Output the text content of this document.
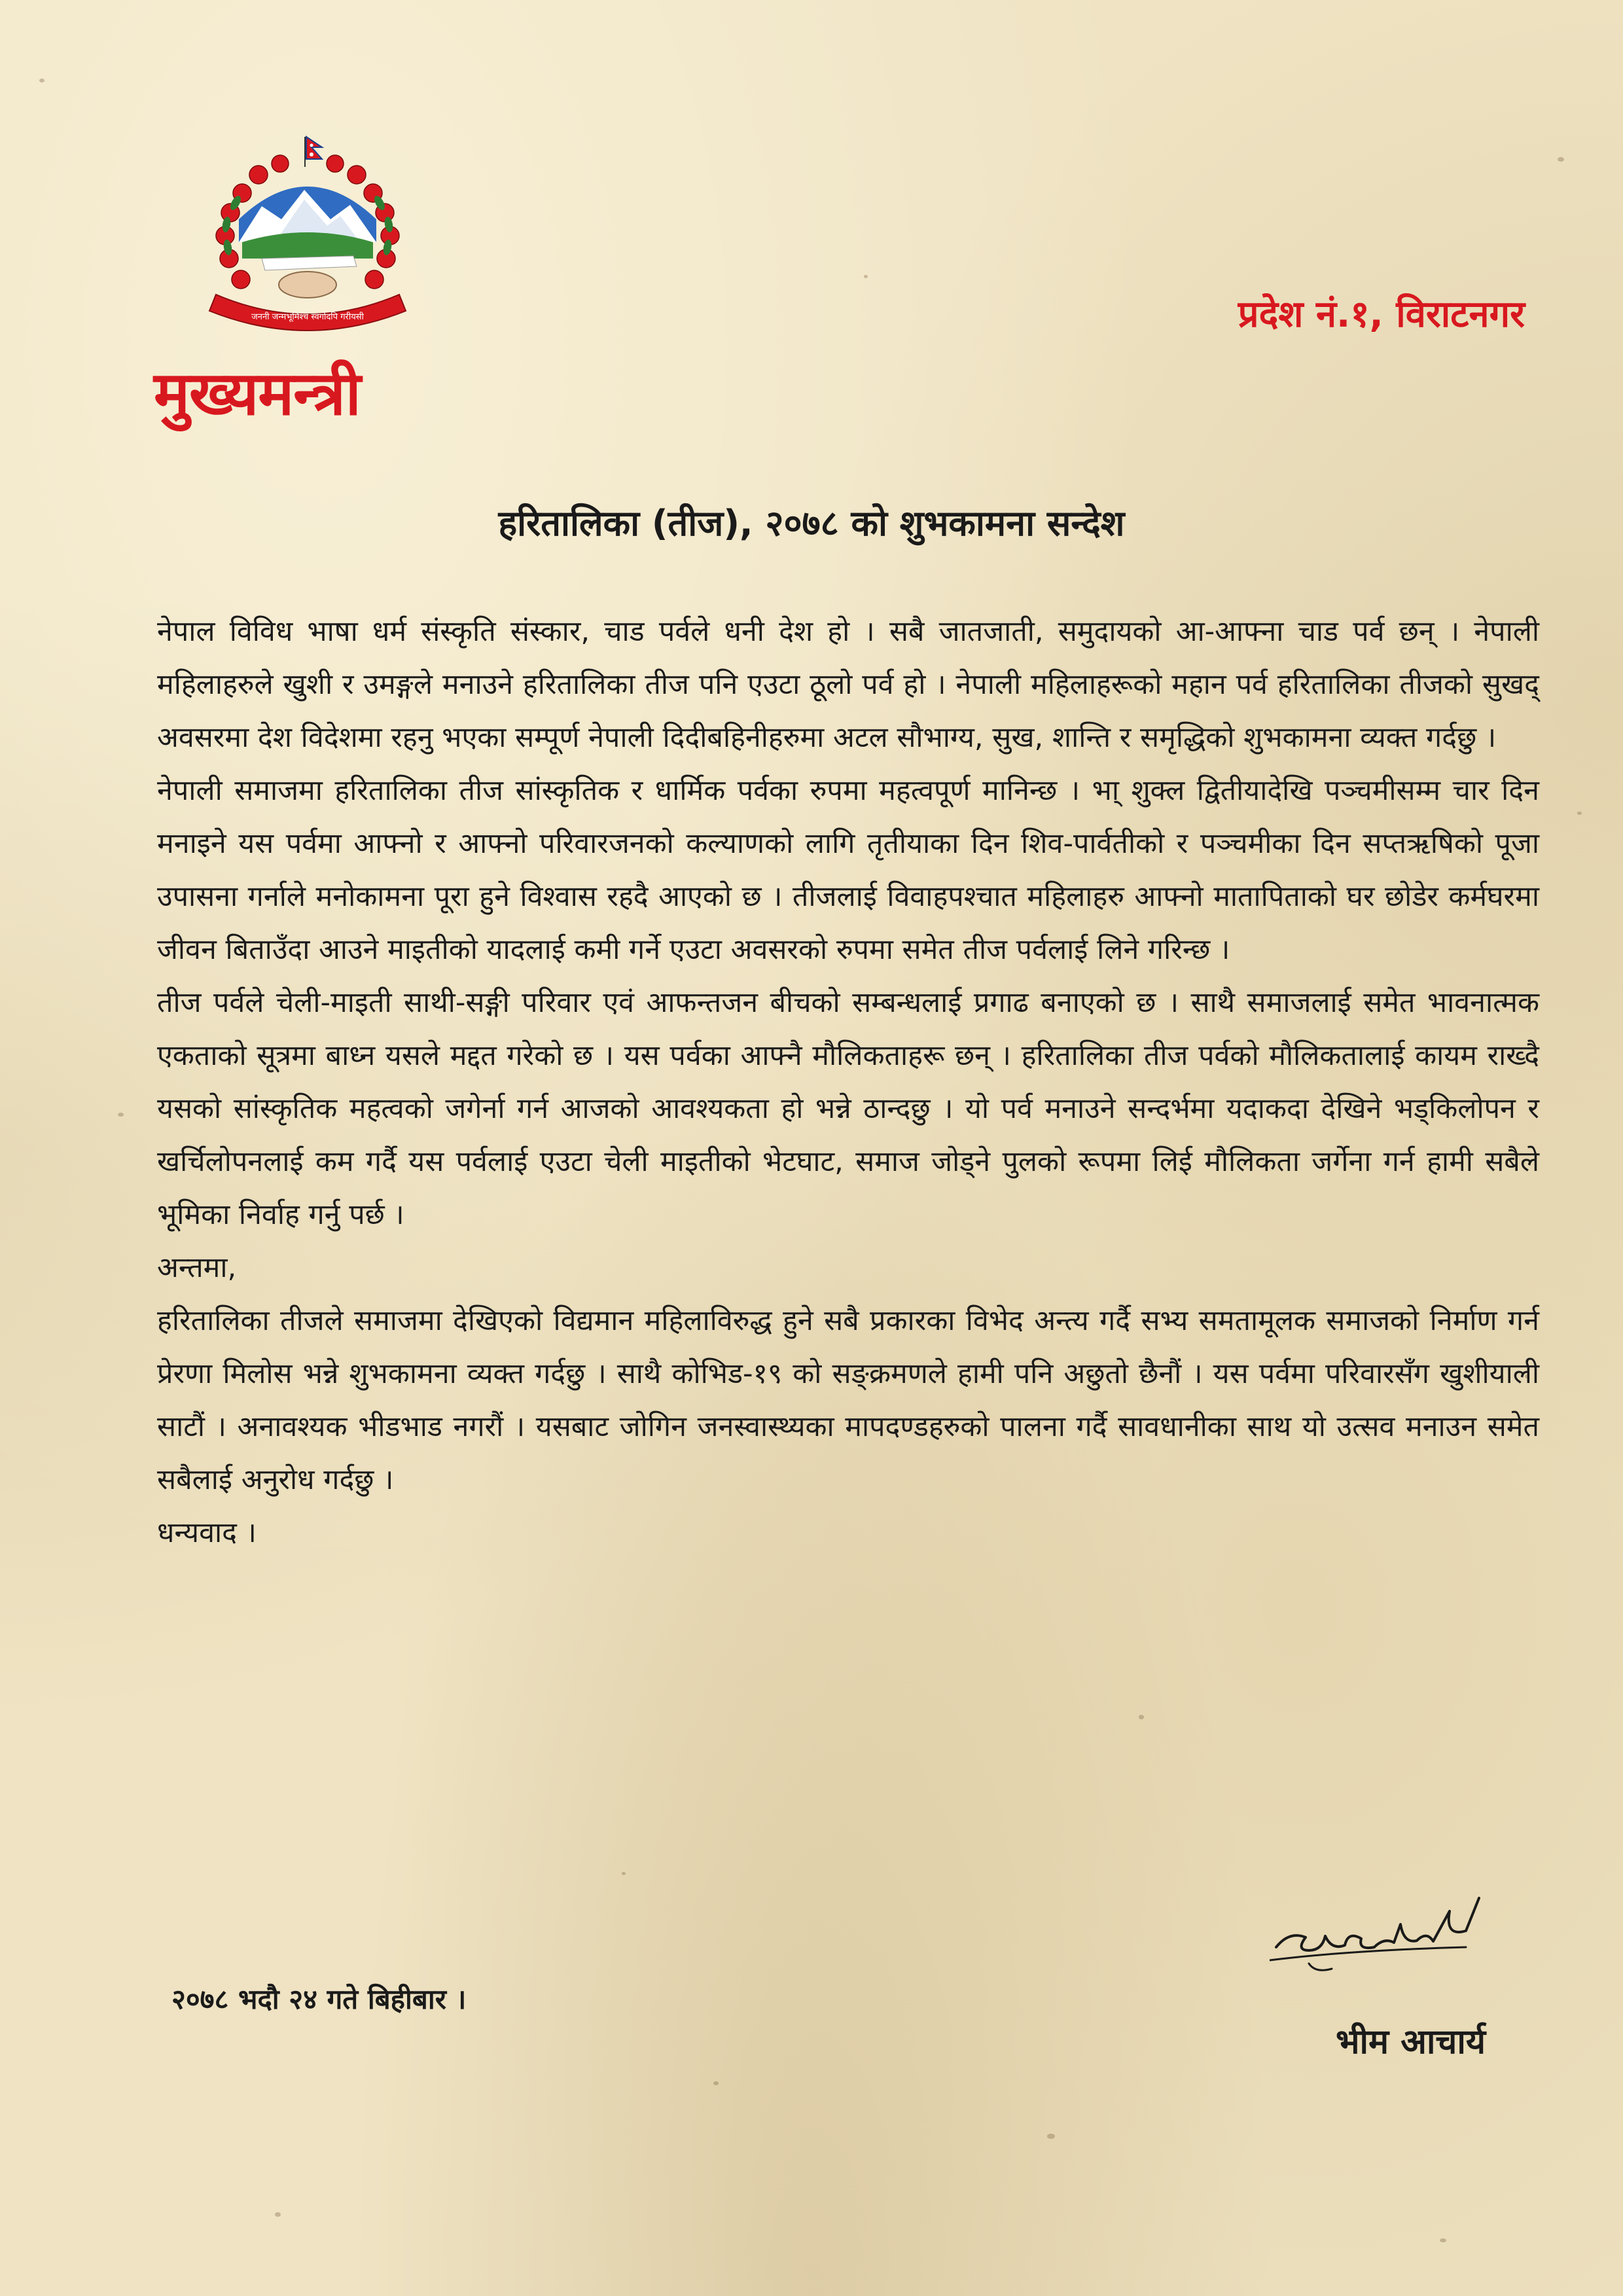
जननी जन्मभूमिश्च स्वर्गादपि गरीयसी
मुख्यमन्त्री
प्रदेश नं.१, विराटनगर
हरितालिका (तीज), २०७८ को शुभकामना सन्देश

नेपाल विविध भाषा धर्म संस्कृति संस्कार, चाड पर्वले धनी देश हो । सबै जातजाती, समुदायको आ-आफ्ना चाड पर्व छन् । नेपाली महिलाहरुले खुशी र उमङ्गले मनाउने हरितालिका तीज पनि एउटा ठूलो पर्व हो । नेपाली महिलाहरूको महान पर्व हरितालिका तीजको सुखद् अवसरमा देश विदेशमा रहनु भएका सम्पूर्ण नेपाली दिदीबहिनीहरुमा अटल सौभाग्य, सुख, शान्ति र समृद्धिको शुभकामना व्यक्त गर्दछु ।

नेपाली समाजमा हरितालिका तीज सांस्कृतिक र धार्मिक पर्वका रुपमा महत्वपूर्ण मानिन्छ । भा् शुक्ल द्वितीयादेखि पञ्चमीसम्म चार दिन मनाइने यस पर्वमा आफ्नो र आफ्नो परिवारजनको कल्याणको लागि तृतीयाका दिन शिव-पार्वतीको र पञ्चमीका दिन सप्तऋषिको पूजा उपासना गर्नाले मनोकामना पूरा हुने विश्वास रहदै आएको छ । तीजलाई विवाहपश्चात महिलाहरु आफ्नो मातापिताको घर छोडेर कर्मघरमा जीवन बिताउँदा आउने माइतीको यादलाई कमी गर्ने एउटा अवसरको रुपमा समेत तीज पर्वलाई लिने गरिन्छ ।

तीज पर्वले चेली-माइती साथी-सङ्गी परिवार एवं आफन्तजन बीचको सम्बन्धलाई प्रगाढ बनाएको छ । साथै समाजलाई समेत भावनात्मक एकताको सूत्रमा बाध्न यसले मद्दत गरेको छ । यस पर्वका आफ्नै मौलिकताहरू छन् । हरितालिका तीज पर्वको मौलिकतालाई कायम राख्दै यसको सांस्कृतिक महत्वको जगेर्ना गर्न आजको आवश्यकता हो भन्ने ठान्दछु । यो पर्व मनाउने सन्दर्भमा यदाकदा देखिने भड्किलोपन र खर्चिलोपनलाई कम गर्दै यस पर्वलाई एउटा चेली माइतीको भेटघाट, समाज जोड्ने पुलको रूपमा लिई मौलिकता जर्गेना गर्न हामी सबैले भूमिका निर्वाह गर्नु पर्छ ।

अन्तमा,

हरितालिका तीजले समाजमा देखिएको विद्यमान महिलाविरुद्ध हुने सबै प्रकारका विभेद अन्त्य गर्दै सभ्य समतामूलक समाजको निर्माण गर्न प्रेरणा मिलोस भन्ने शुभकामना व्यक्त गर्दछु । साथै कोभिड-१९ को सङ्क्रमणले हामी पनि अछुतो छैनौं । यस पर्वमा परिवारसँग खुशीयाली साटौं । अनावश्यक भीडभाड नगरौं । यसबाट जोगिन जनस्वास्थ्यका मापदण्डहरुको पालना गर्दै सावधानीका साथ यो उत्सव मनाउन समेत सबैलाई अनुरोध गर्दछु ।

धन्यवाद ।

२०७८ भदौ २४ गते बिहीबार ।
भीम आचार्य
